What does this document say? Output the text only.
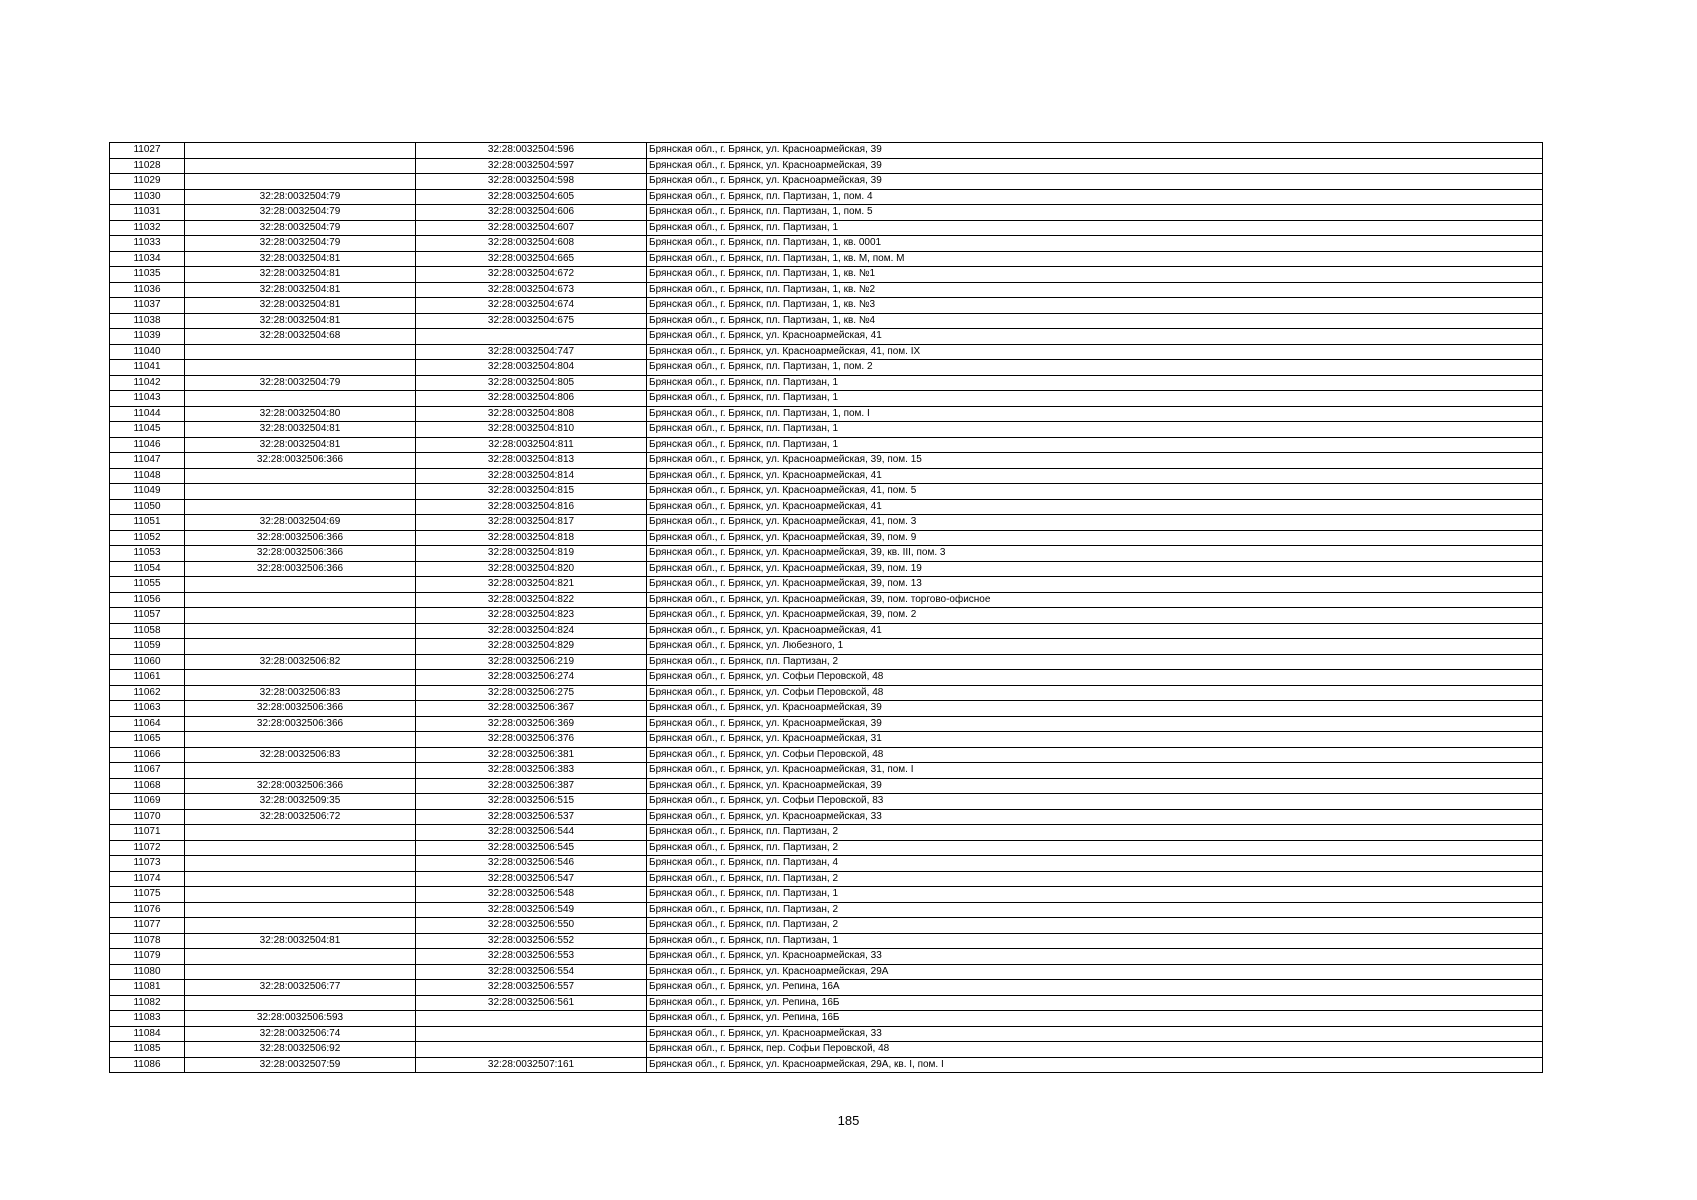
11027		32:28:0032504:596	Брянская обл., г. Брянск, ул. Красноармейская, 39
11028		32:28:0032504:597	Брянская обл., г. Брянск, ул. Красноармейская, 39
11029		32:28:0032504:598	Брянская обл., г. Брянск, ул. Красноармейская, 39
11030	32:28:0032504:79	32:28:0032504:605	Брянская обл., г. Брянск, пл. Партизан, 1, пом. 4
11031	32:28:0032504:79	32:28:0032504:606	Брянская обл., г. Брянск, пл. Партизан, 1, пом. 5
11032	32:28:0032504:79	32:28:0032504:607	Брянская обл., г. Брянск, пл. Партизан, 1
11033	32:28:0032504:79	32:28:0032504:608	Брянская обл., г. Брянск, пл. Партизан, 1, кв. 0001
11034	32:28:0032504:81	32:28:0032504:665	Брянская обл., г. Брянск, пл. Партизан, 1, кв. М, пом. М
11035	32:28:0032504:81	32:28:0032504:672	Брянская обл., г. Брянск, пл. Партизан, 1, кв. №1
11036	32:28:0032504:81	32:28:0032504:673	Брянская обл., г. Брянск, пл. Партизан, 1, кв. №2
11037	32:28:0032504:81	32:28:0032504:674	Брянская обл., г. Брянск, пл. Партизан, 1, кв. №3
11038	32:28:0032504:81	32:28:0032504:675	Брянская обл., г. Брянск, пл. Партизан, 1, кв. №4
11039	32:28:0032504:68		Брянская обл., г. Брянск, ул. Красноармейская, 41
11040		32:28:0032504:747	Брянская обл., г. Брянск, ул. Красноармейская, 41, пом. IX
11041		32:28:0032504:804	Брянская обл., г. Брянск, пл. Партизан, 1, пом. 2
11042	32:28:0032504:79	32:28:0032504:805	Брянская обл., г. Брянск, пл. Партизан, 1
11043		32:28:0032504:806	Брянская обл., г. Брянск, пл. Партизан, 1
11044	32:28:0032504:80	32:28:0032504:808	Брянская обл., г. Брянск, пл. Партизан, 1, пом. I
11045	32:28:0032504:81	32:28:0032504:810	Брянская обл., г. Брянск, пл. Партизан, 1
11046	32:28:0032504:81	32:28:0032504:811	Брянская обл., г. Брянск, пл. Партизан, 1
11047	32:28:0032506:366	32:28:0032504:813	Брянская обл., г. Брянск, ул. Красноармейская, 39, пом. 15
11048		32:28:0032504:814	Брянская обл., г. Брянск, ул. Красноармейская, 41
11049		32:28:0032504:815	Брянская обл., г. Брянск, ул. Красноармейская, 41, пом. 5
11050		32:28:0032504:816	Брянская обл., г. Брянск, ул. Красноармейская, 41
11051	32:28:0032504:69	32:28:0032504:817	Брянская обл., г. Брянск, ул. Красноармейская, 41, пом. 3
11052	32:28:0032506:366	32:28:0032504:818	Брянская обл., г. Брянск, ул. Красноармейская, 39, пом. 9
11053	32:28:0032506:366	32:28:0032504:819	Брянская обл., г. Брянск, ул. Красноармейская, 39, кв. III, пом. 3
11054	32:28:0032506:366	32:28:0032504:820	Брянская обл., г. Брянск, ул. Красноармейская, 39, пом. 19
11055		32:28:0032504:821	Брянская обл., г. Брянск, ул. Красноармейская, 39, пом. 13
11056		32:28:0032504:822	Брянская обл., г. Брянск, ул. Красноармейская, 39, пом. торгово-офисное
11057		32:28:0032504:823	Брянская обл., г. Брянск, ул. Красноармейская, 39, пом. 2
11058		32:28:0032504:824	Брянская обл., г. Брянск, ул. Красноармейская, 41
11059		32:28:0032504:829	Брянская обл., г. Брянск, ул. Любезного, 1
11060	32:28:0032506:82	32:28:0032506:219	Брянская обл., г. Брянск, пл. Партизан, 2
11061		32:28:0032506:274	Брянская обл., г. Брянск, ул. Софьи Перовской, 48
11062	32:28:0032506:83	32:28:0032506:275	Брянская обл., г. Брянск, ул. Софьи Перовской, 48
11063	32:28:0032506:366	32:28:0032506:367	Брянская обл., г. Брянск, ул. Красноармейская, 39
11064	32:28:0032506:366	32:28:0032506:369	Брянская обл., г. Брянск, ул. Красноармейская, 39
11065		32:28:0032506:376	Брянская обл., г. Брянск, ул. Красноармейская, 31
11066	32:28:0032506:83	32:28:0032506:381	Брянская обл., г. Брянск, ул. Софьи Перовской, 48
11067		32:28:0032506:383	Брянская обл., г. Брянск, ул. Красноармейская, 31, пом. I
11068	32:28:0032506:366	32:28:0032506:387	Брянская обл., г. Брянск, ул. Красноармейская, 39
11069	32:28:0032509:35	32:28:0032506:515	Брянская обл., г. Брянск, ул. Софьи Перовской, 83
11070	32:28:0032506:72	32:28:0032506:537	Брянская обл., г. Брянск, ул. Красноармейская, 33
11071		32:28:0032506:544	Брянская обл., г. Брянск, пл. Партизан, 2
11072		32:28:0032506:545	Брянская обл., г. Брянск, пл. Партизан, 2
11073		32:28:0032506:546	Брянская обл., г. Брянск, пл. Партизан, 4
11074		32:28:0032506:547	Брянская обл., г. Брянск, пл. Партизан, 2
11075		32:28:0032506:548	Брянская обл., г. Брянск, пл. Партизан, 1
11076		32:28:0032506:549	Брянская обл., г. Брянск, пл. Партизан, 2
11077		32:28:0032506:550	Брянская обл., г. Брянск, пл. Партизан, 2
11078	32:28:0032504:81	32:28:0032506:552	Брянская обл., г. Брянск, пл. Партизан, 1
11079		32:28:0032506:553	Брянская обл., г. Брянск, ул. Красноармейская, 33
11080		32:28:0032506:554	Брянская обл., г. Брянск, ул. Красноармейская, 29А
11081	32:28:0032506:77	32:28:0032506:557	Брянская обл., г. Брянск, ул. Репина, 16А
11082		32:28:0032506:561	Брянская обл., г. Брянск, ул. Репина, 16Б
11083	32:28:0032506:593		Брянская обл., г. Брянск, ул. Репина, 16Б
11084	32:28:0032506:74		Брянская обл., г. Брянск, ул. Красноармейская, 33
11085	32:28:0032506:92		Брянская обл., г. Брянск, пер. Софьи Перовской, 48
11086	32:28:0032507:59	32:28:0032507:161	Брянская обл., г. Брянск, ул. Красноармейская, 29А, кв. I, пом. I
185
